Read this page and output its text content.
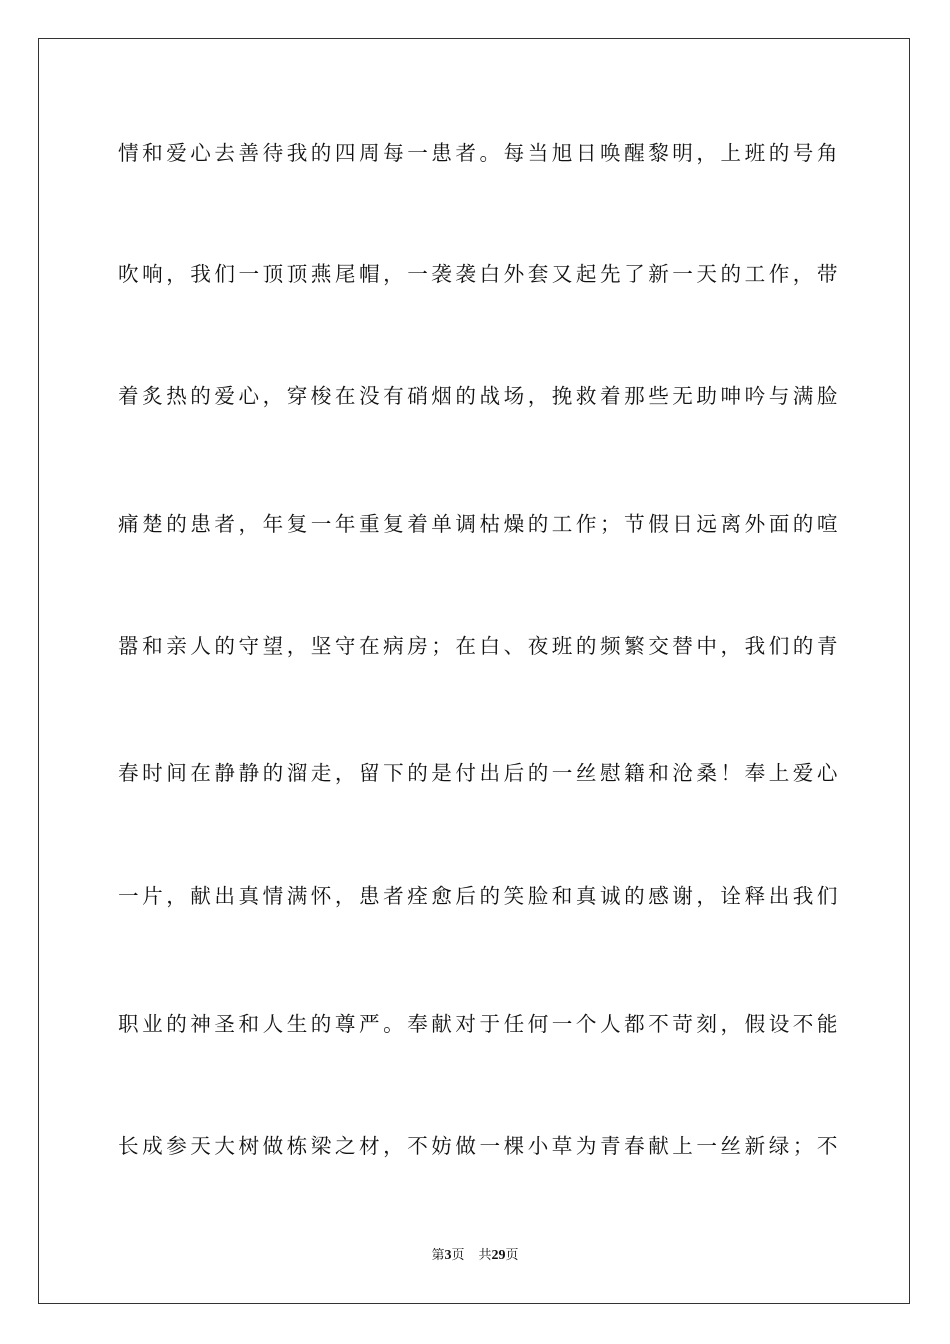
情和爱心去善待我的四周每一患者。每当旭日唤醒黎明，上班的号角
吹响，我们一顶顶燕尾帽，一袭袭白外套又起先了新一天的工作，带
着炙热的爱心，穿梭在没有硝烟的战场，挽救着那些无助呻吟与满脸
痛楚的患者，年复一年重复着单调枯燥的工作；节假日远离外面的喧
嚣和亲人的守望，坚守在病房；在白、夜班的频繁交替中，我们的青
春时间在静静的溜走，留下的是付出后的一丝慰籍和沧桑！奉上爱心
一片，献出真情满怀，患者痊愈后的笑脸和真诚的感谢，诠释出我们
职业的神圣和人生的尊严。奉献对于任何一个人都不苛刻，假设不能
长成参天大树做栋梁之材，不妨做一棵小草为青春献上一丝新绿；不
第3页 共29页
